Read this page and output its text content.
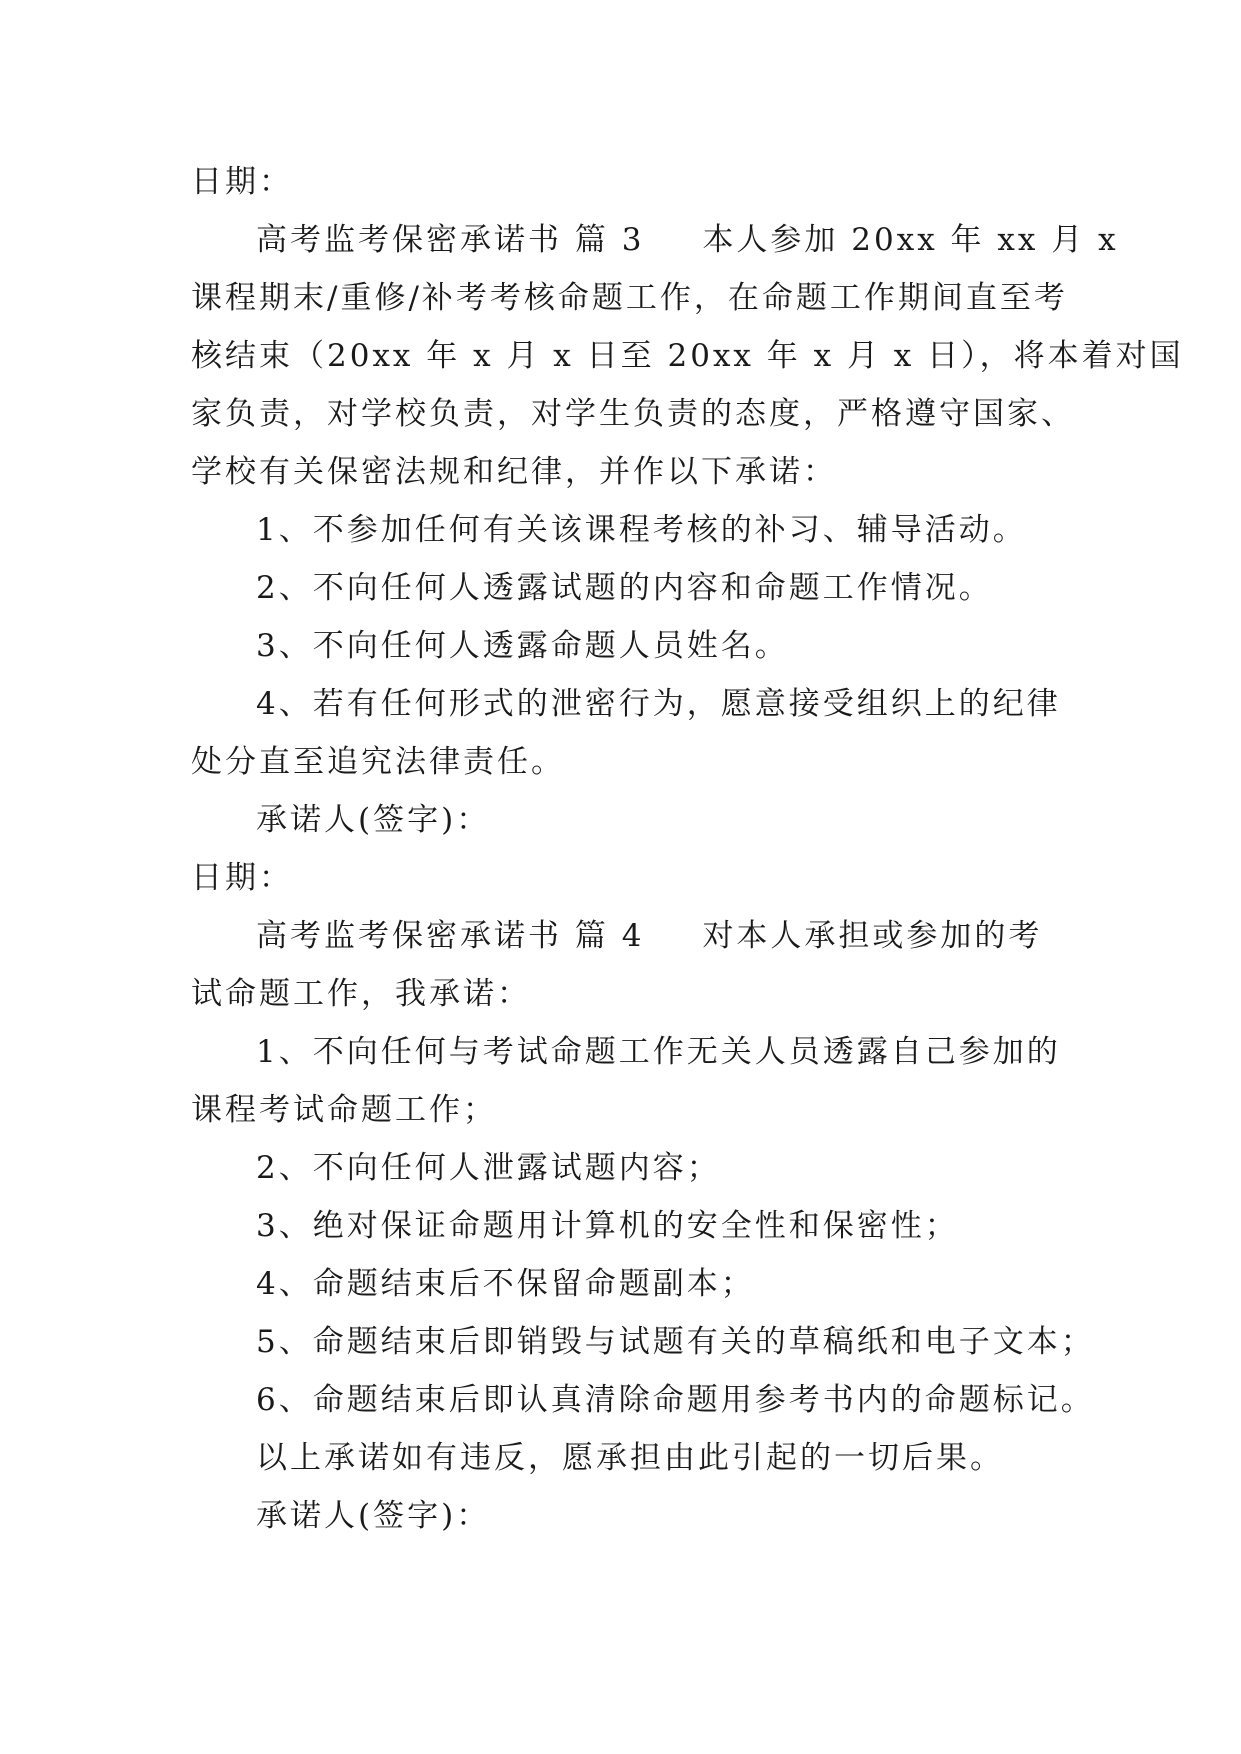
日期：
高考监考保密承诺书 篇 3 本人参加 20xx 年 xx 月 x
课程期末/重修/补考考核命题工作，在命题工作期间直至考
核结束（20xx 年 x 月 x 日至 20xx 年 x 月 x 日），将本着对国
家负责，对学校负责，对学生负责的态度，严格遵守国家、
学校有关保密法规和纪律，并作以下承诺：
1、不参加任何有关该课程考核的补习、辅导活动。
2、不向任何人透露试题的内容和命题工作情况。
3、不向任何人透露命题人员姓名。
4、若有任何形式的泄密行为，愿意接受组织上的纪律
处分直至追究法律责任。
承诺人(签字)：
日期：
高考监考保密承诺书 篇 4 对本人承担或参加的考
试命题工作，我承诺：
1、不向任何与考试命题工作无关人员透露自己参加的
课程考试命题工作；
2、不向任何人泄露试题内容；
3、绝对保证命题用计算机的安全性和保密性；
4、命题结束后不保留命题副本；
5、命题结束后即销毁与试题有关的草稿纸和电子文本；
6、命题结束后即认真清除命题用参考书内的命题标记。
以上承诺如有违反，愿承担由此引起的一切后果。
承诺人(签字)：
